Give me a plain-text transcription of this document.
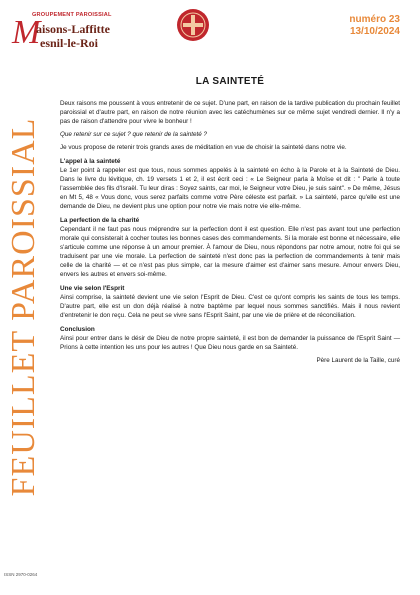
M
GROUPEMENT PAROISSIAL
aisons-Laffitte
esnil-le-Roi
numéro 23
13/10/2024
FEUILLET PAROISSIAL
ISSN 2970-0264
LA SAINTETÉ

Deux raisons me poussent à vous entretenir de ce sujet. D'une part, en raison de la tardive publication du prochain feuillet paroissial et d'autre part, en raison de notre réunion avec les catéchumènes sur ce même sujet vendredi dernier. Il n'y a pas de raison d'attendre pour vivre le bonheur !

Que retenir sur ce sujet ? que retenir de la sainteté ?

Je vous propose de retenir trois grands axes de méditation en vue de choisir la sainteté dans notre vie.

L'appel à la sainteté

Le 1er point à rappeler est que tous, nous sommes appelés à la sainteté en écho à la Parole et à la Sainteté de Dieu. Dans le livre du lévitique, ch. 19 versets 1 et 2, il est écrit ceci : « Le Seigneur parla à Moïse et dit : " Parle à toute l'assemblée des fils d'Israël. Tu leur diras : Soyez saints, car moi, le Seigneur votre Dieu, je suis saint". » De même, Jésus en Mt 5, 48 « Vous donc, vous serez parfaits comme votre Père céleste est parfait. » La sainteté, parce qu'elle est une demande de Dieu, ne devient plus une option pour notre vie mais notre vie elle-même.

La perfection de la charité

Cependant il ne faut pas nous méprendre sur la perfection dont il est question. Elle n'est pas avant tout une perfection morale qui consisterait à cocher toutes les bonnes cases des commandements. Si la morale est bonne et nécessaire, elle s'articule comme une réponse à un amour premier. À l'amour de Dieu, nous répondons par notre amour, notre foi qui se traduisent par une vie morale. La perfection de sainteté n'est donc pas la perfection de commandements à tenir mais celle de la charité — et ce n'est pas plus simple, car la mesure d'aimer est d'aimer sans mesure. Amour envers Dieu, envers les autres et envers soi-même.

Une vie selon l'Esprit

Ainsi comprise, la sainteté devient une vie selon l'Esprit de Dieu. C'est ce qu'ont compris les saints de tous les temps. D'autre part, elle est un don déjà réalisé à notre baptême par lequel nous sommes sanctifiés. Mais il nous revient d'entretenir le don reçu. Cela ne peut se vivre sans l'Esprit Saint, par une vie de prière et de réconciliation.

Conclusion

Ainsi pour entrer dans le désir de Dieu de notre propre sainteté, il est bon de demander la puissance de l'Esprit Saint — Prions à cette intention les uns pour les autres ! Que Dieu nous garde en sa Sainteté.

Père Laurent de la Taille, curé
